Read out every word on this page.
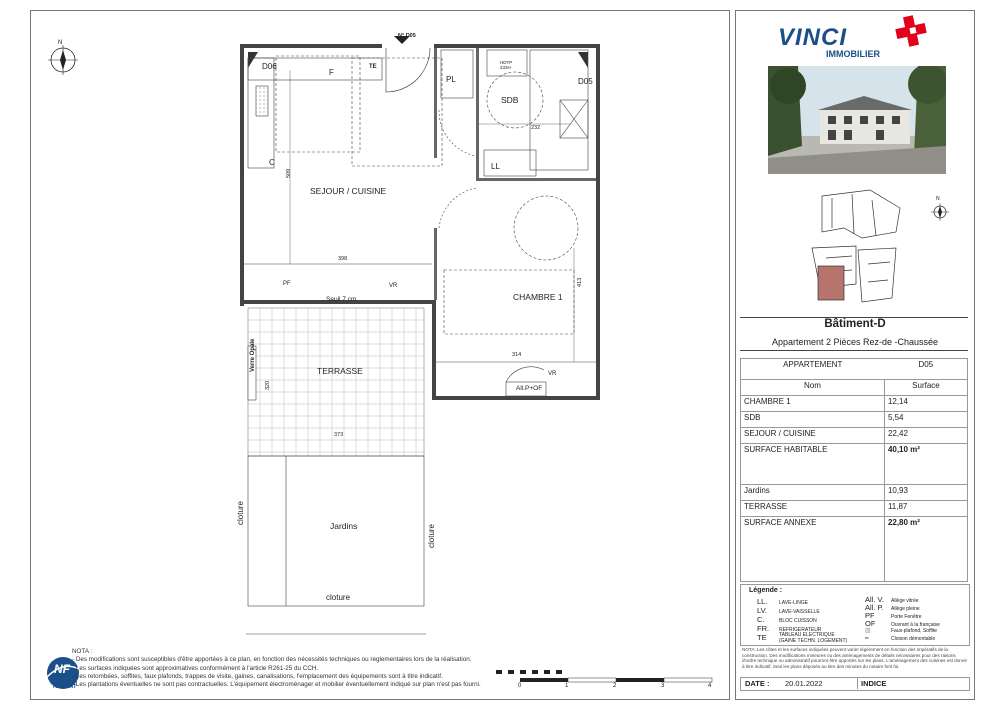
SEJOUR / CUISINE
CHAMBRE 1
TERRASSE
Jardins
SDB
N° D05
D06
D05
F
TE
PL
LL
C
PF	VR
VR
Seuil 7 cm
All.P+OF
Verre Opale
HDTP
233H
cloture
cloture
cloture
509
398
232
413
314
320
373
N
0	1	2	3	4
NF
HABITAT
NOTA :
- Des modifications sont susceptibles d'être apportées à ce plan, en fonction des nécessités techniques ou reglementaires lors de la réalisation.
- Les surfaces indiquées sont approximatives conformément à l'article R261-25 du CCH.
- Les retombées, soffites, faux plafonds, trappes de visite, gaines, canalisations, l'emplacement des équipements sont à titre indicatif.
- Les plantations éventuelles ne sont pas contractuelles. L'équipement électroménager et mobilier éventuellement indiqué sur plan n'est pas fourni.
VINCI
IMMOBILIER
N
Bâtiment-D
Appartement 2 Pièces Rez-de -Chaussée
APPARTEMENT	D05
Nom	Surface
CHAMBRE 1	12,14
SDB	5,54
SEJOUR / CUISINE	22,42
SURFACE HABITABLE	40,10 m²
Jardins	10,93
TERRASSE	11,87
SURFACE ANNEXE	22,80 m²
Légende :
LL. LAVE-LINGE
LV. LAVE-VAISSELLE
C.	BLOC CUISSON
FR. REFRIGERATEUR
TE TABLEAU ELECTRIQUE (GAINE TECHN. LOGEMENT)
All. V. Allège vitrée
All. P. Allège pleine
PF	Porte Fenêtre
OF	Ouvrant à la française
▨	Faux-plafond, Soffite
┅	Cloison démontable
NOTA: Les côtes et les surfaces indiquées peuvent varier légèrement en fonction des impératifs de la construction. Des modifications mineures ou des aménagements de détails nécessaires pour des raisons d'ordre technique ou administratif pourront être apportés sur les plans. L'aménagement des cuisines est donné à titre indicatif. Seul les plans déposés au titre des minutes du notaire font foi.
DATE : 20.01.2022	INDICE
